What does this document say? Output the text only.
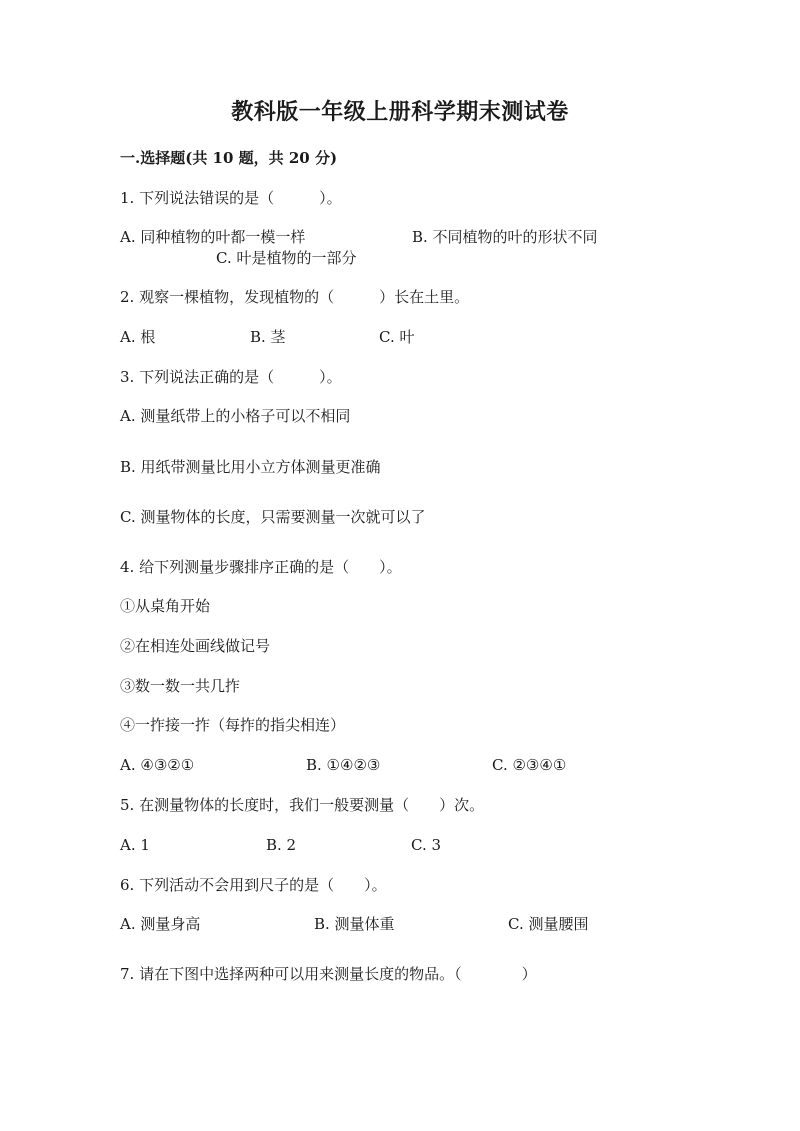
教科版一年级上册科学期末测试卷
一.选择题(共 10 题，共 20 分)
1. 下列说法错误的是（　　　）。
A. 同种植物的叶都一模一样	B. 不同植物的叶的形状不同
C. 叶是植物的一部分
2. 观察一棵植物，发现植物的（　　　）长在土里。
A. 根	B. 茎	C. 叶
3. 下列说法正确的是（　　　）。
A. 测量纸带上的小格子可以不相同
B. 用纸带测量比用小立方体测量更准确
C. 测量物体的长度，只需要测量一次就可以了
4. 给下列测量步骤排序正确的是（　　）。
①从桌角开始
②在相连处画线做记号
③数一数一共几拃
④一拃接一拃（每拃的指尖相连）
A. ④③②①	B. ①④②③	C. ②③④①
5. 在测量物体的长度时，我们一般要测量（　　）次。
A. 1	B. 2	C. 3
6. 下列活动不会用到尺子的是（　　）。
A. 测量身高	B. 测量体重	C. 测量腰围
7. 请在下图中选择两种可以用来测量长度的物品。（　　　　）
